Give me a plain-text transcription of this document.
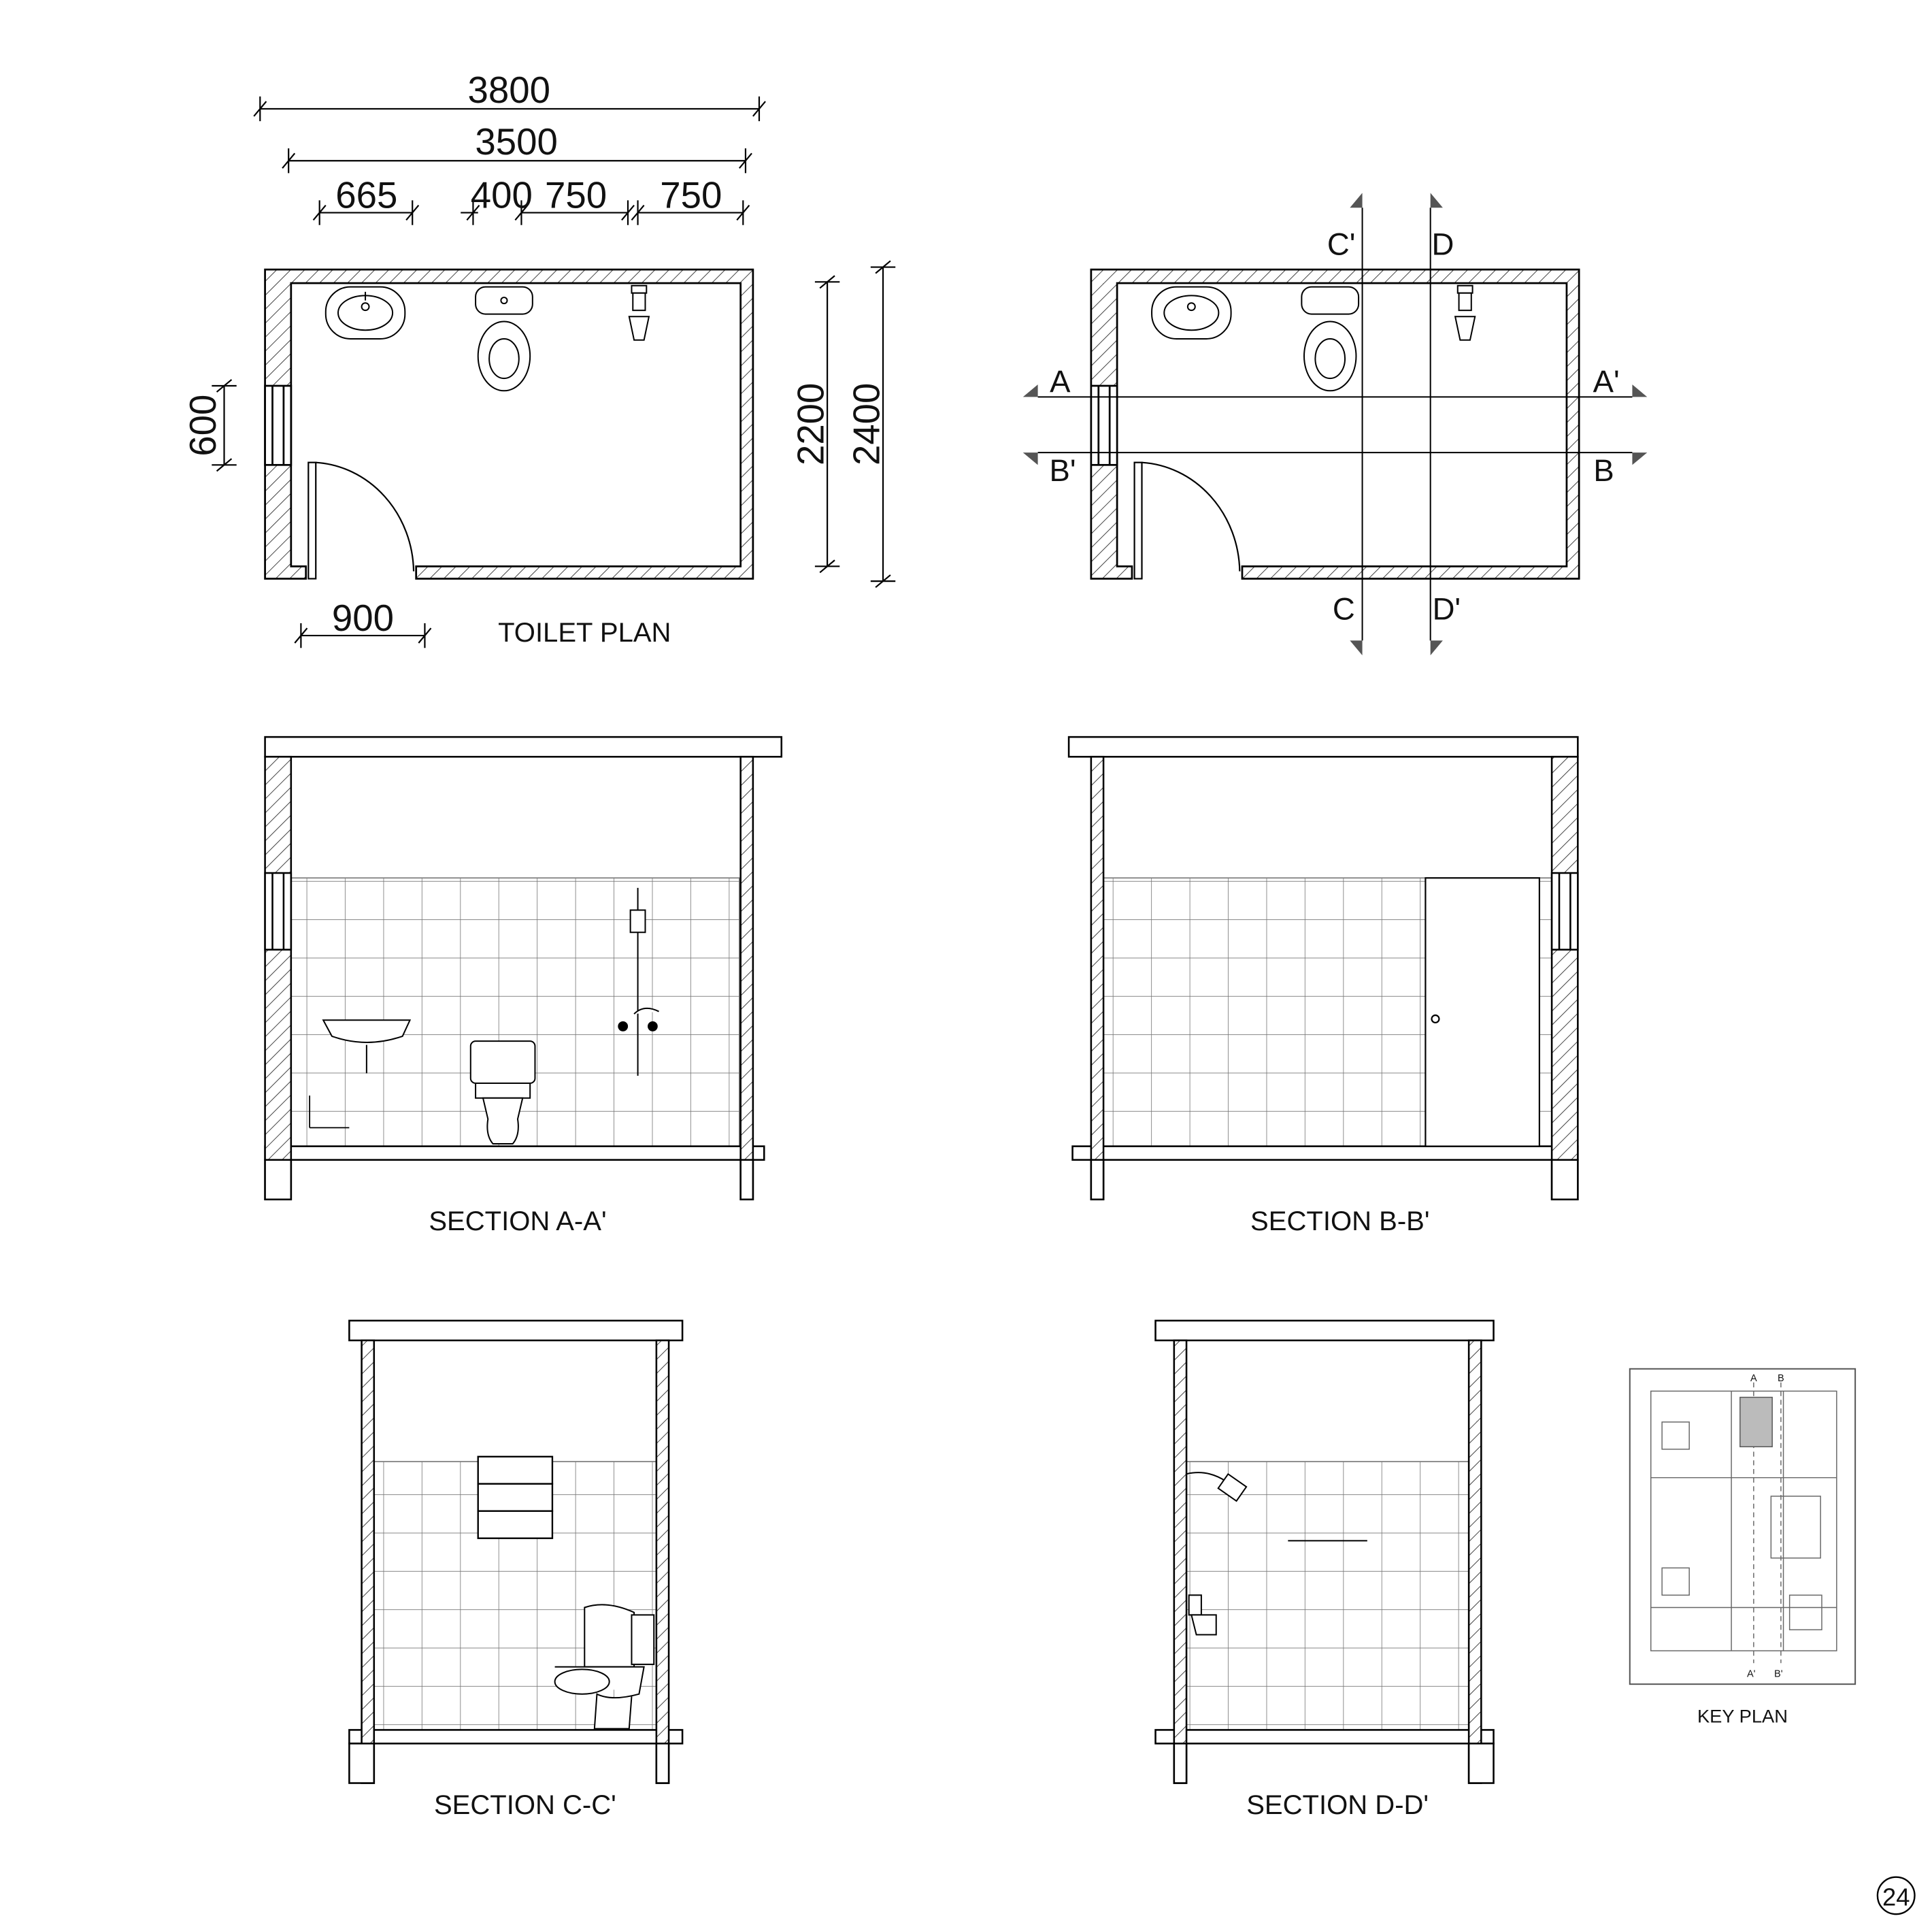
3800
3500
665	400 750	750
900
600	2200 2400
TOILET PLAN
A	A'
B'	B
C'	D
C	D'
SECTION A-A'	SECTION B-B'
SECTION C-C'	SECTION D-D'
A	B
A'	B'
KEY PLAN
24
